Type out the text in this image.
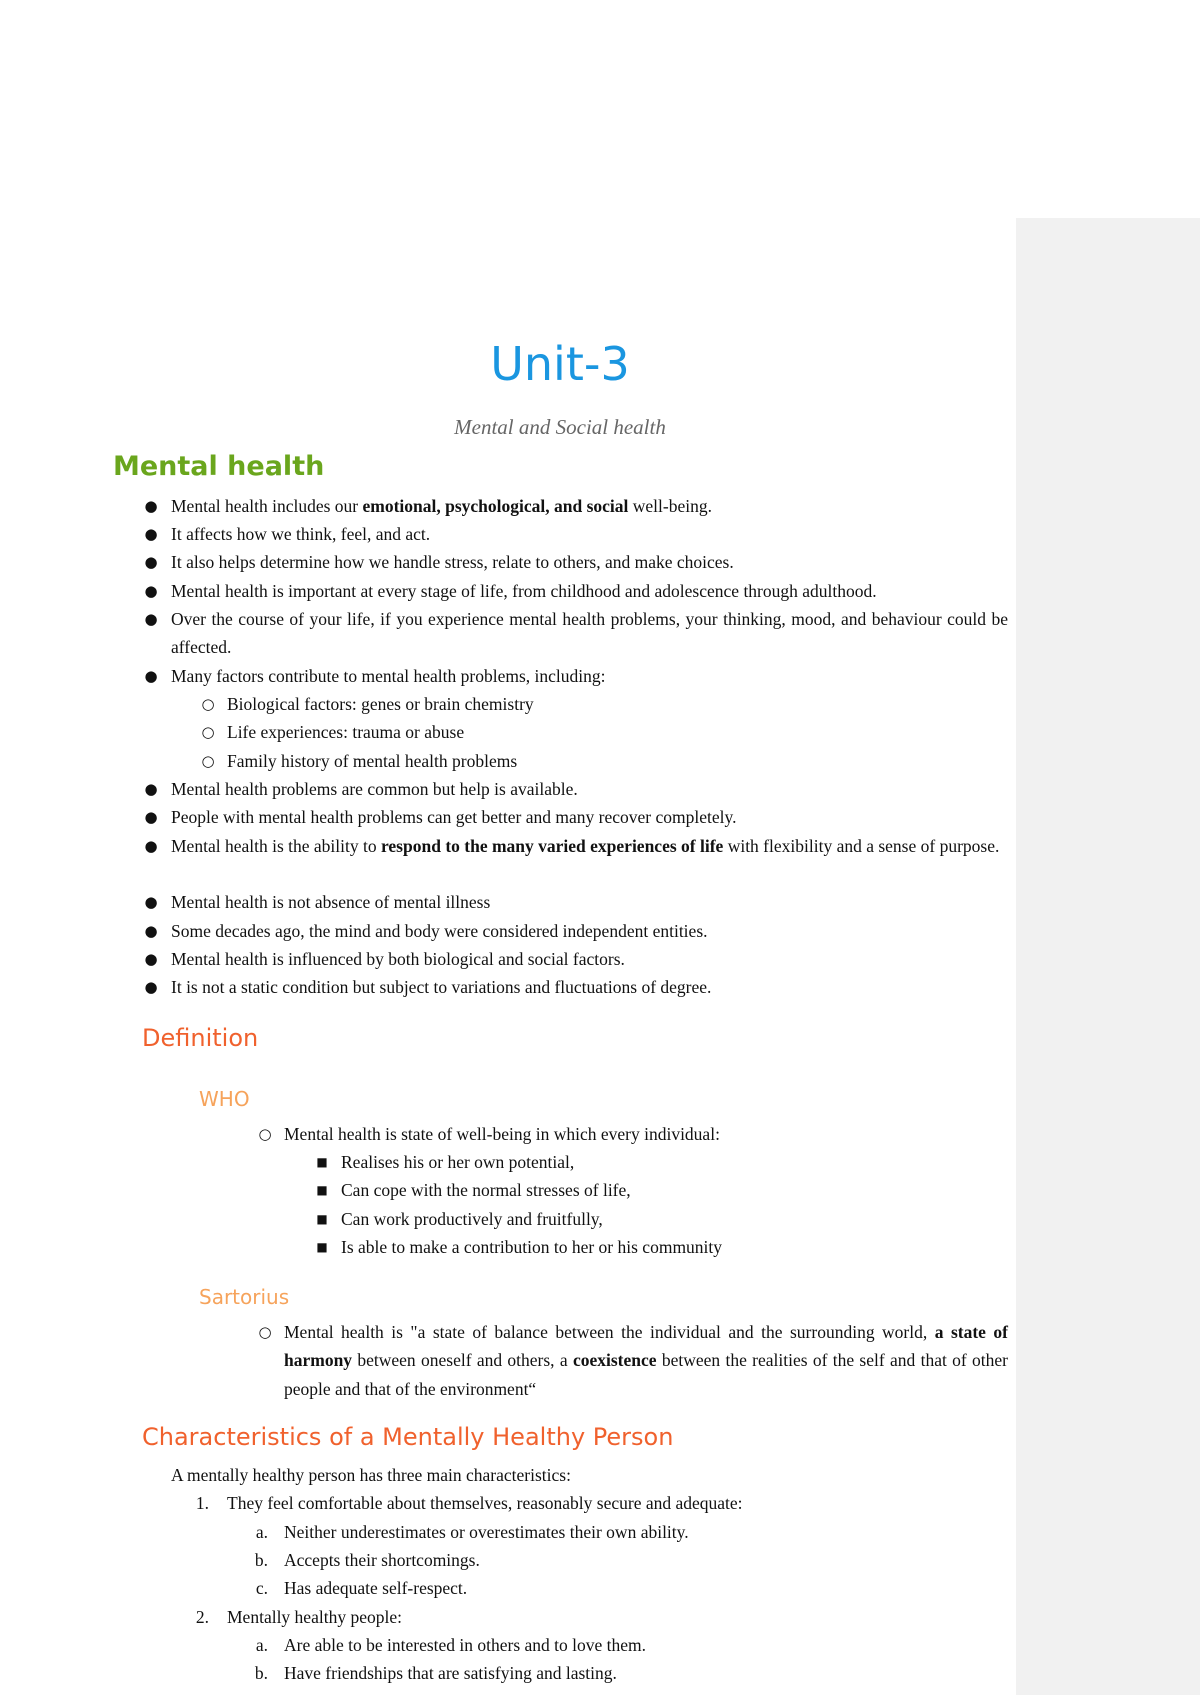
Unit-3
Mental and Social health
Mental health
● Mental health includes our emotional, psychological, and social well-being.
● It affects how we think, feel, and act.
● It also helps determine how we handle stress, relate to others, and make choices.
● Mental health is important at every stage of life, from childhood and adolescence through adulthood.
● Over the course of your life, if you experience mental health problems, your thinking, mood, and behaviour could be affected.
● Many factors contribute to mental health problems, including:
○ Biological factors: genes or brain chemistry
○ Life experiences: trauma or abuse
○ Family history of mental health problems
● Mental health problems are common but help is available.
● People with mental health problems can get better and many recover completely.
● Mental health is the ability to respond to the many varied experiences of life with flexibility and a sense of purpose.
● Mental health is not absence of mental illness
● Some decades ago, the mind and body were considered independent entities.
● Mental health is influenced by both biological and social factors.
● It is not a static condition but subject to variations and fluctuations of degree.
Definition
WHO
○ Mental health is state of well-being in which every individual:
■ Realises his or her own potential,
■ Can cope with the normal stresses of life,
■ Can work productively and fruitfully,
■ Is able to make a contribution to her or his community
Sartorius
○ Mental health is "a state of balance between the individual and the surrounding world, a state of harmony between oneself and others, a coexistence between the realities of the self and that of other people and that of the environment“
Characteristics of a Mentally Healthy Person
A mentally healthy person has three main characteristics:
1. They feel comfortable about themselves, reasonably secure and adequate:
a. Neither underestimates or overestimates their own ability.
b. Accepts their shortcomings.
c. Has adequate self-respect.
2. Mentally healthy people:
a. Are able to be interested in others and to love them.
b. Have friendships that are satisfying and lasting.
